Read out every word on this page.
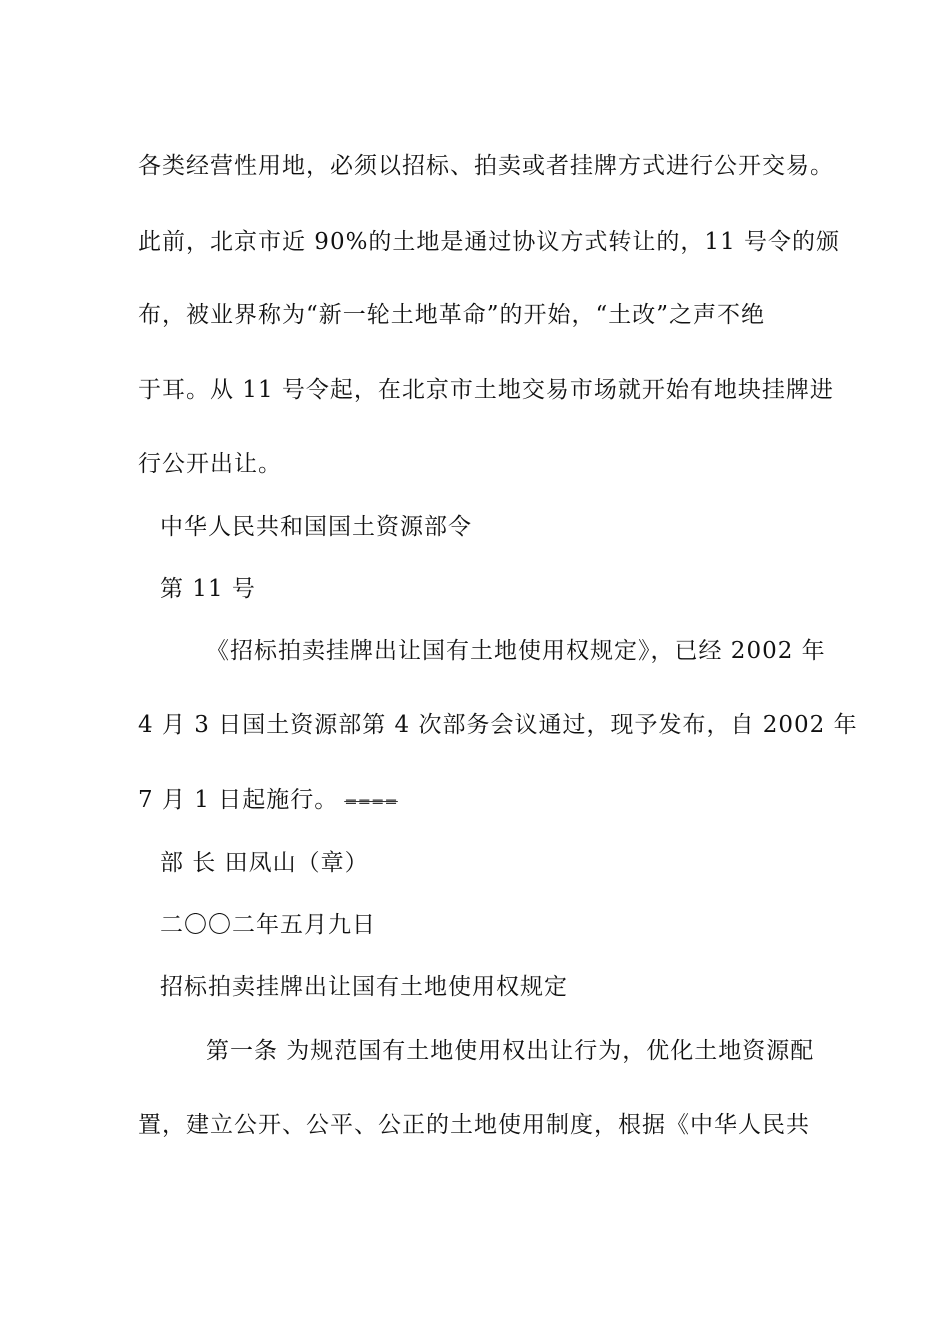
各类经营性用地，必须以招标、拍卖或者挂牌方式进行公开交易。
此前，北京市近 90%的土地是通过协议方式转让的，11 号令的颁
布，被业界称为“新一轮土地革命”的开始，“土改”之声不绝
于耳。从 11 号令起，在北京市土地交易市场就开始有地块挂牌进
行公开出让。
中华人民共和国国土资源部令
第 11 号
《招标拍卖挂牌出让国有土地使用权规定》，已经 2002 年
4 月 3 日国土资源部第 4 次部务会议通过，现予发布，自 2002 年
7 月 1 日起施行。 ====
部 长 田凤山（章）
二〇〇二年五月九日
招标拍卖挂牌出让国有土地使用权规定
第一条 为规范国有土地使用权出让行为，优化土地资源配
置，建立公开、公平、公正的土地使用制度，根据《中华人民共
